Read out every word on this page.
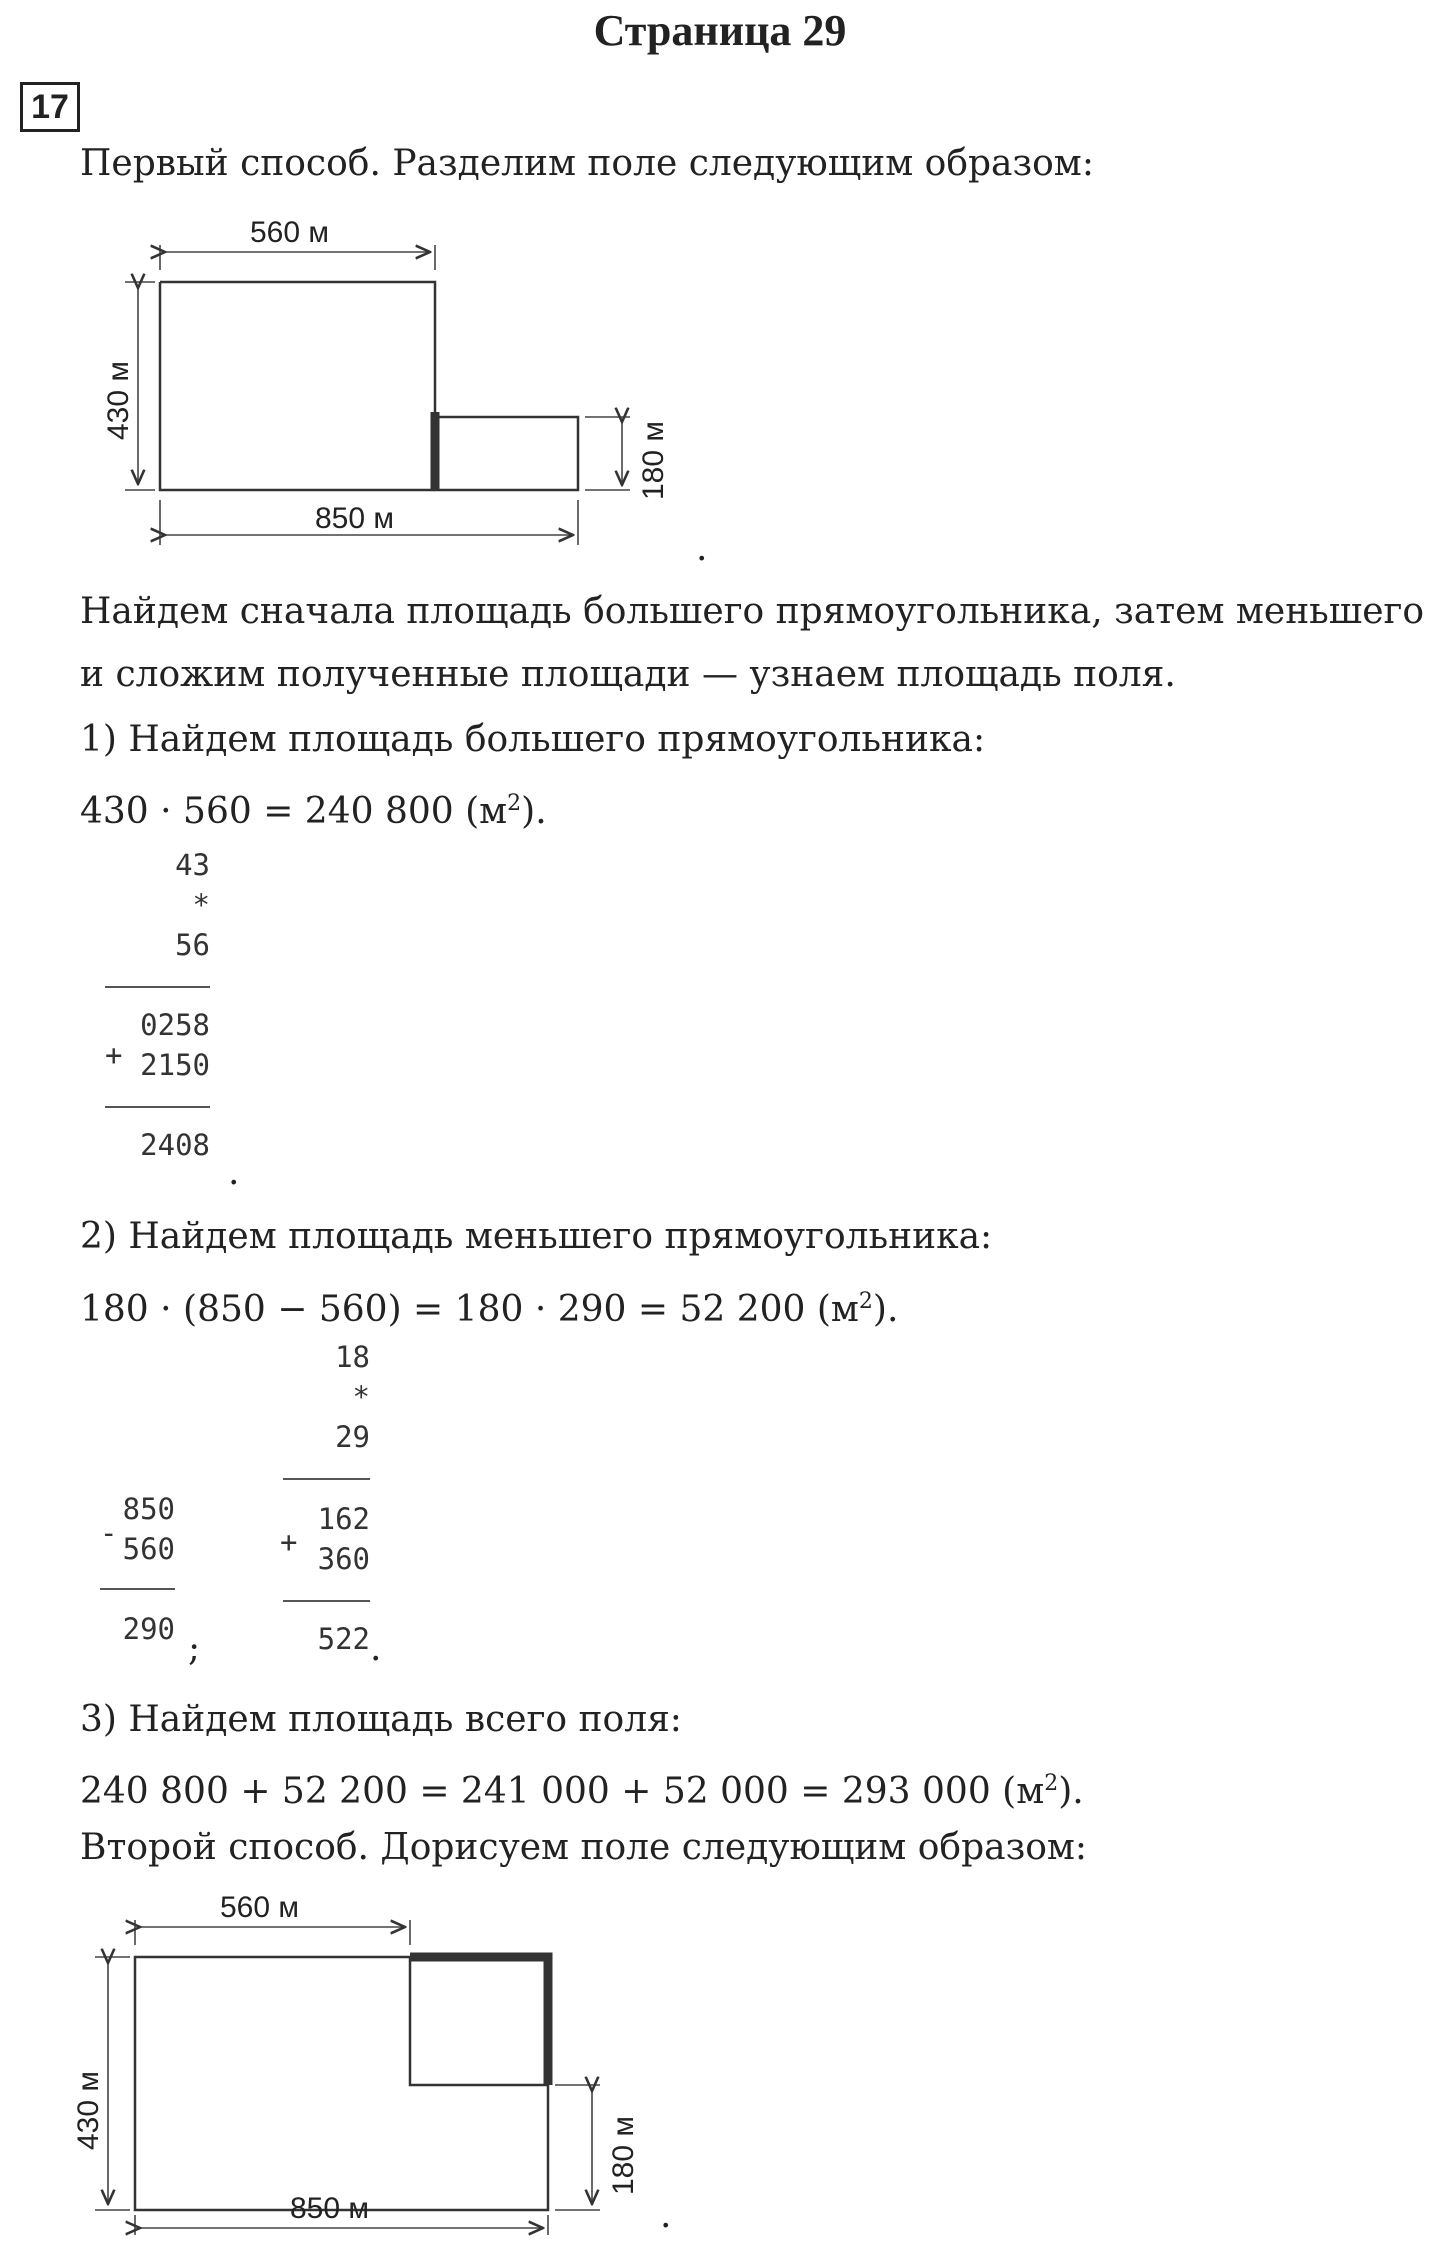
Страница 29
17
Первый способ. Разделим поле следующим образом:
560 м
850 м
430 м
180 м
.
Найдем сначала площадь большего прямоугольника, затем меньшего
и сложим полученные площади — узнаем площадь поля.
1) Найдем площадь большего прямоугольника:
430 · 560 = 240 800 $(м^2)$.
43
*
56
+
0258
2150
2408
.
2) Найдем площадь меньшего прямоугольника:
180 · (850 − 560) = 180 · 290 = 52 200 $(м^2)$.
-
850
560
290 ;
18
*
29
+
162
360
522 .
3) Найдем площадь всего поля:
240 800 + 52 200 = 241 000 + 52 000 = 293 000 $(м^2)$.
Второй способ. Дорисуем поле следующим образом:
560 м
850 м
430 м
180 м
.
